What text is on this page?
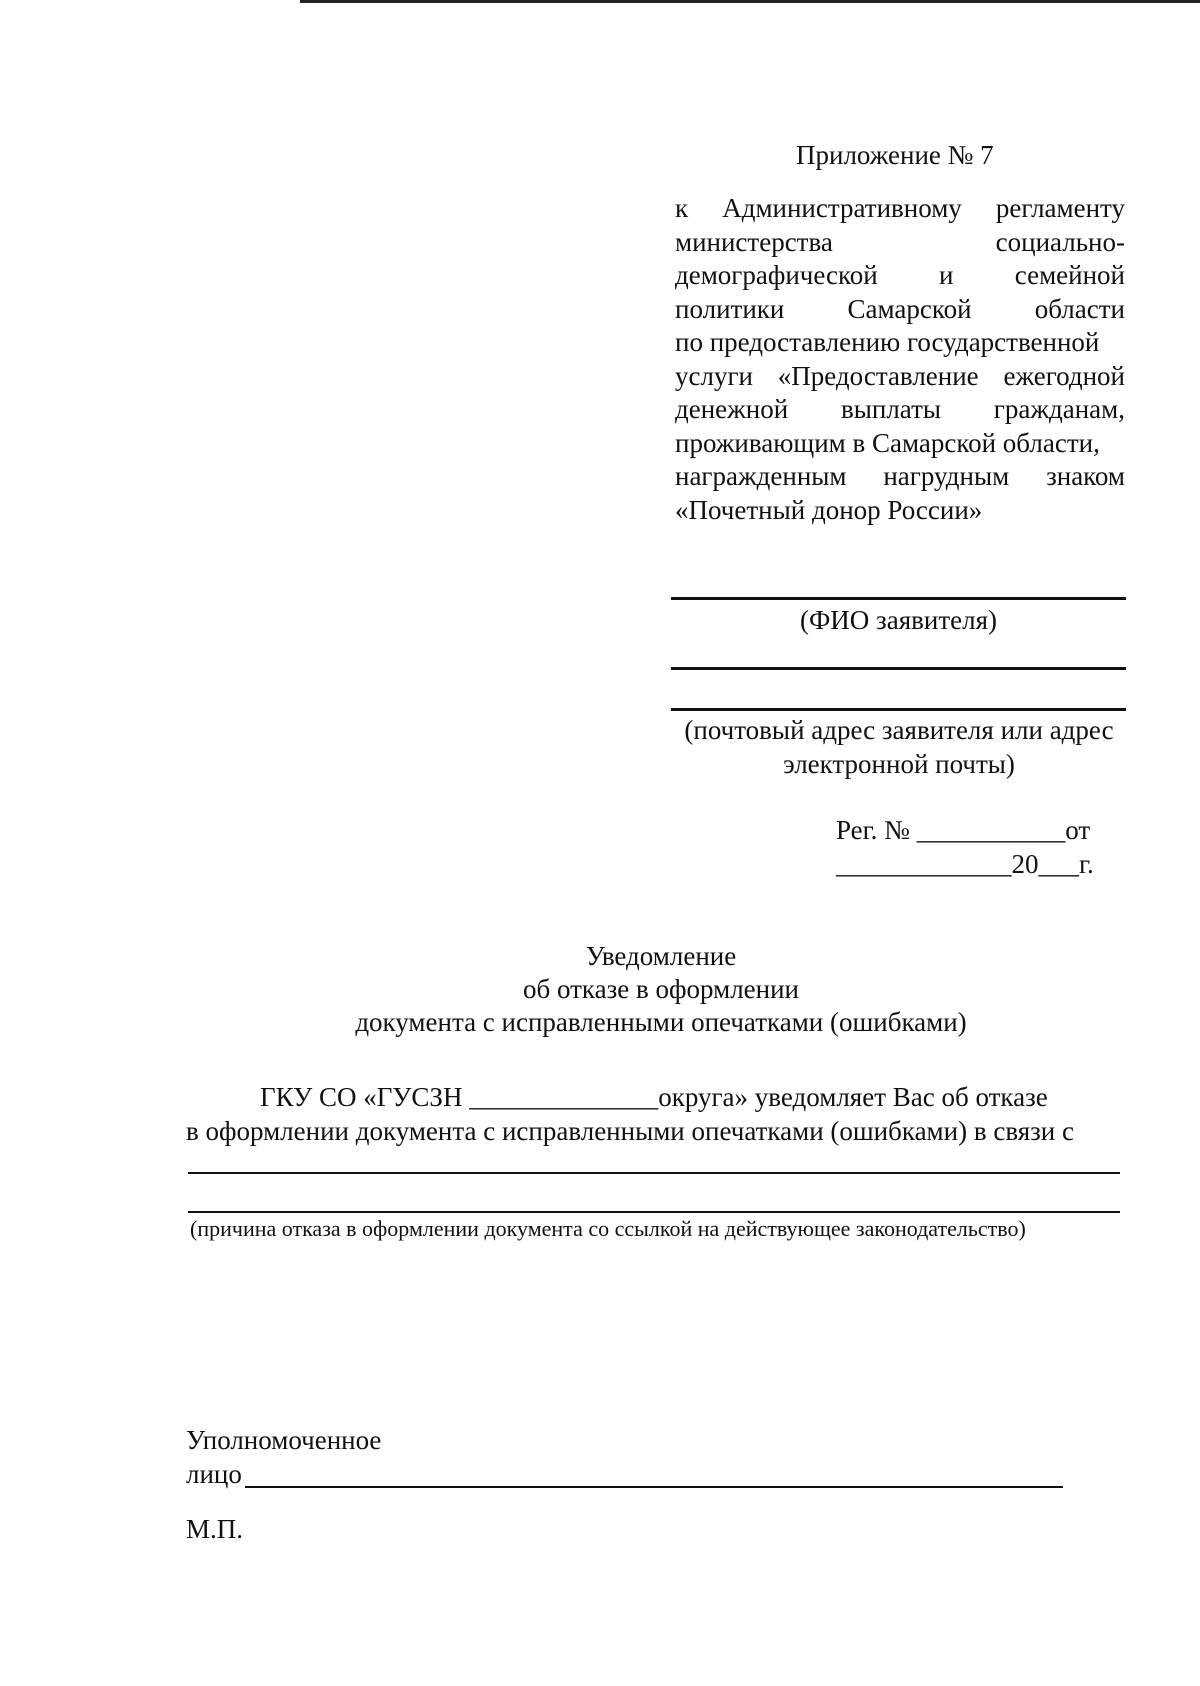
Приложение № 7
к Административному регламенту
министерства социально-
демографической и семейной
политики Самарской области
по предоставлению государственной
услуги «Предоставление ежегодной
денежной выплаты гражданам,
проживающим в Самарской области,
награжденным нагрудным знаком
«Почетный донор России»
(ФИО заявителя)
(почтовый адрес заявителя или адрес
электронной почты)
Рег. № ___________от
_____________20___г.
Уведомление
об отказе в оформлении
документа с исправленными опечатками (ошибками)
ГКУ СО «ГУСЗН ______________округа» уведомляет Вас об отказе
в оформлении документа с исправленными опечатками (ошибками) в связи с
(причина отказа в оформлении документа со ссылкой на действующее законодательство)
Уполномоченное
лицо
М.П.
